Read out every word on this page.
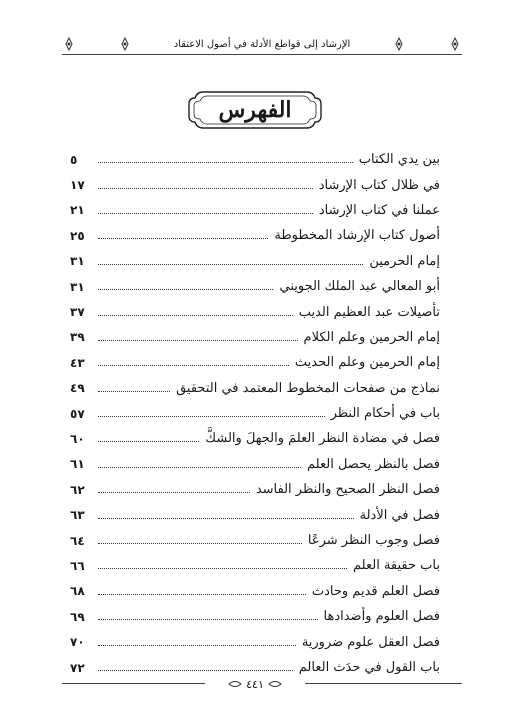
الإرشاد إلى قواطع الأدلة في أصول الاعتقاد
الفهرس
بين يدي الكتاب
٥
في ظلال كتاب الإرشاد
١٧
عملنا في كتاب الإرشاد
٢١
أصول كتاب الإرشاد المخطوطة
٢٥
إمام الحرمين
٣١
أبو المعالي عبد الملك الجويني
٣١
تأصيلات عبد العظيم الديب
٣٧
إمام الحرمين وعلم الكلام
٣٩
إمام الحرمين وعلم الحديث
٤٣
نماذج من صفحات المخطوط المعتمد في التحقيق
٤٩
باب في أحكام النظر
٥٧
فصل في مضادة النظر العلمَ والجهلَ والشكَّ
٦٠
فصل بالنظر يحصل العلم
٦١
فصل النظر الصحيح والنظر الفاسد
٦٢
فصل في الأدلة
٦٣
فصل وجوب النظر شرعًا
٦٤
باب حقيقة العلم
٦٦
فصل العلم قديم وحادث
٦٨
فصل العلوم وأضدادها
٦٩
فصل العقل علوم ضرورية
٧٠
باب القول في حدَث العالم
٧٢
٤٤١
